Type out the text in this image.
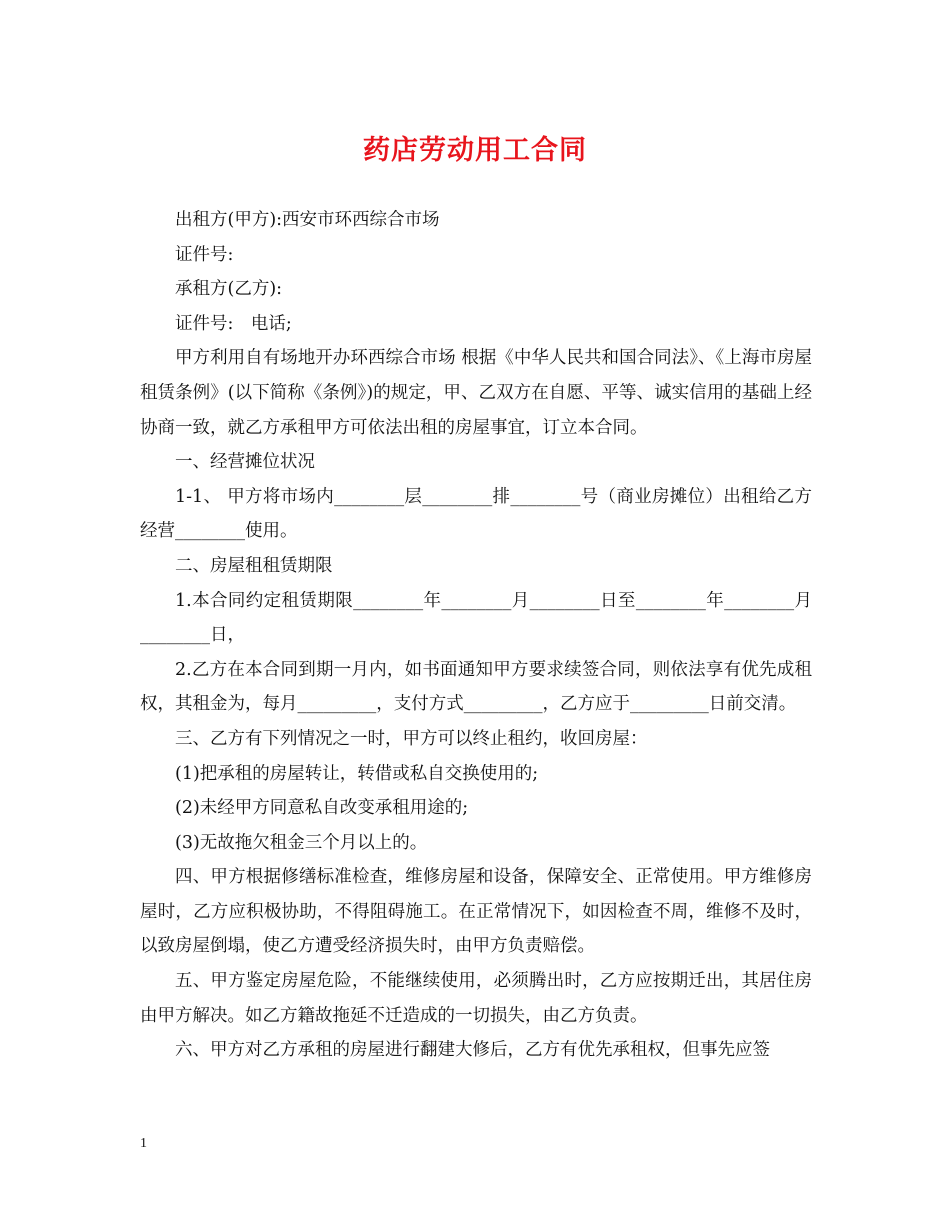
药店劳动用工合同

出租方(甲方):西安市环西综合市场

证件号:

承租方(乙方):

证件号:　电话;

甲方利用自有场地开办环西综合市场 根据《中华人民共和国合同法》、《上海市房屋租赁条例》(以下简称《条例》)的规定，甲、乙双方在自愿、平等、诚实信用的基础上经协商一致，就乙方承租甲方可依法出租的房屋事宜，订立本合同。

一、经营摊位状况

1-1、 甲方将市场内________层________排________号（商业房摊位）出租给乙方经营________使用。

二、房屋租租赁期限

1.本合同约定租赁期限________年________月________日至________年________月________日，

2.乙方在本合同到期一月内，如书面通知甲方要求续签合同，则依法享有优先成租权，其租金为，每月_________，支付方式_________，乙方应于_________日前交清。

三、乙方有下列情况之一时，甲方可以终止租约，收回房屋：

(1)把承租的房屋转让，转借或私自交换使用的;

(2)未经甲方同意私自改变承租用途的;

(3)无故拖欠租金三个月以上的。

四、甲方根据修缮标准检查，维修房屋和设备，保障安全、正常使用。甲方维修房屋时，乙方应积极协助，不得阻碍施工。在正常情况下，如因检查不周，维修不及时，以致房屋倒塌，使乙方遭受经济损失时，由甲方负责赔偿。

五、甲方鉴定房屋危险，不能继续使用，必须腾出时，乙方应按期迁出，其居住房由甲方解决。如乙方籍故拖延不迁造成的一切损失，由乙方负责。

六、甲方对乙方承租的房屋进行翻建大修后，乙方有优先承租权，但事先应签

1
